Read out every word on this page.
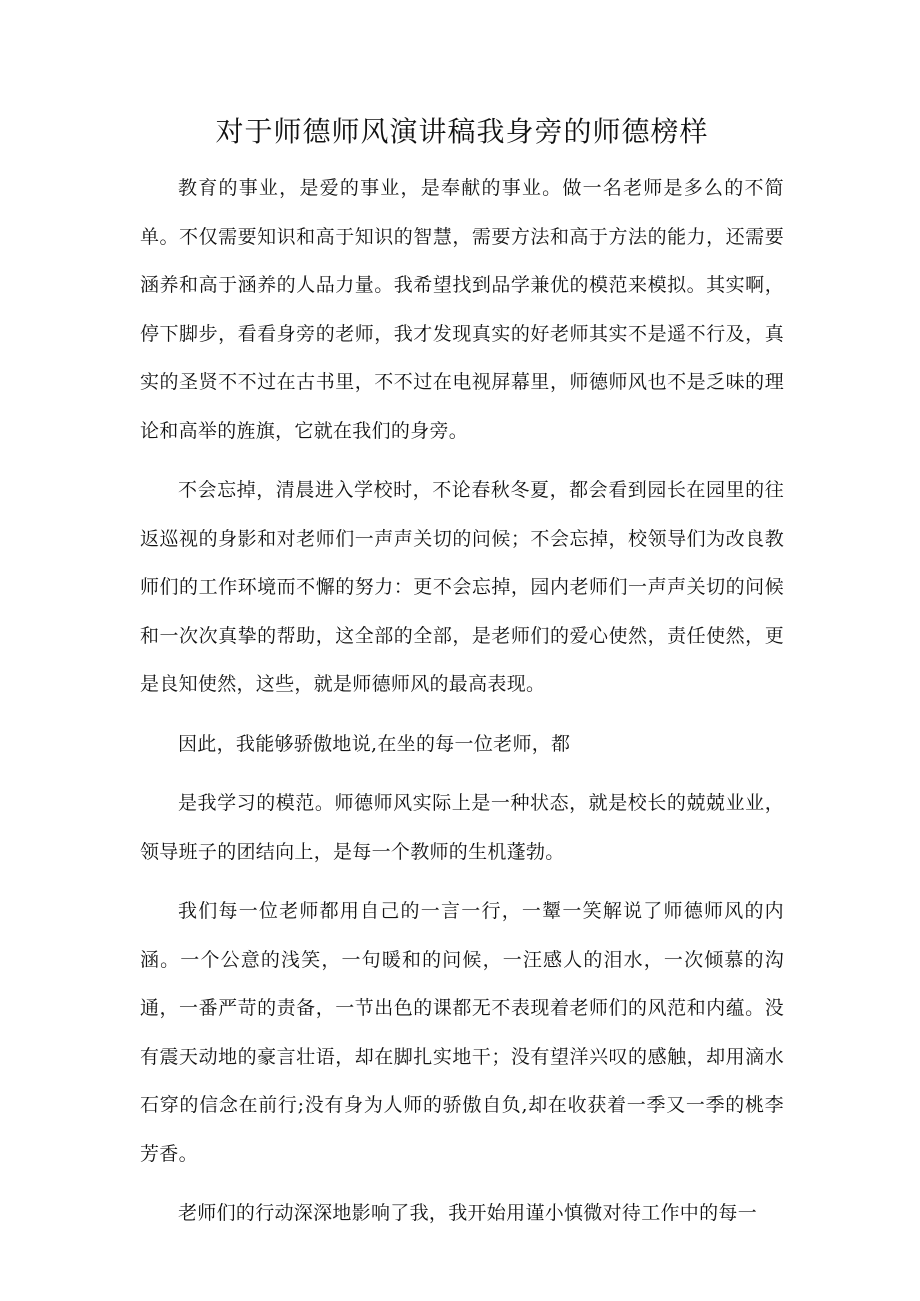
对于师德师风演讲稿我身旁的师德榜样

教育的事业，是爱的事业，是奉献的事业。做一名老师是多么的不简单。不仅需要知识和高于知识的智慧，需要方法和高于方法的能力，还需要涵养和高于涵养的人品力量。我希望找到品学兼优的模范来模拟。其实啊，停下脚步，看看身旁的老师，我才发现真实的好老师其实不是遥不行及，真实的圣贤不不过在古书里，不不过在电视屏幕里，师德师风也不是乏味的理论和高举的旌旗，它就在我们的身旁。

不会忘掉，清晨进入学校时，不论春秋冬夏，都会看到园长在园里的往返巡视的身影和对老师们一声声关切的问候；不会忘掉，校领导们为改良教师们的工作环境而不懈的努力：更不会忘掉，园内老师们一声声关切的问候和一次次真挚的帮助，这全部的全部，是老师们的爱心使然，责任使然，更是良知使然，这些，就是师德师风的最高表现。

因此，我能够骄傲地说,在坐的每一位老师，都

是我学习的模范。师德师风实际上是一种状态，就是校长的兢兢业业，领导班子的团结向上，是每一个教师的生机蓬勃。

我们每一位老师都用自己的一言一行，一颦一笑解说了师德师风的内涵。一个公意的浅笑，一句暖和的问候，一汪感人的泪水，一次倾慕的沟通，一番严苛的责备，一节出色的课都无不表现着老师们的风范和内蕴。没有震天动地的豪言壮语，却在脚扎实地干；没有望洋兴叹的感触，却用滴水石穿的信念在前行;没有身为人师的骄傲自负,却在收获着一季又一季的桃李芳香。

老师们的行动深深地影响了我，我开始用谨小慎微对待工作中的每一
